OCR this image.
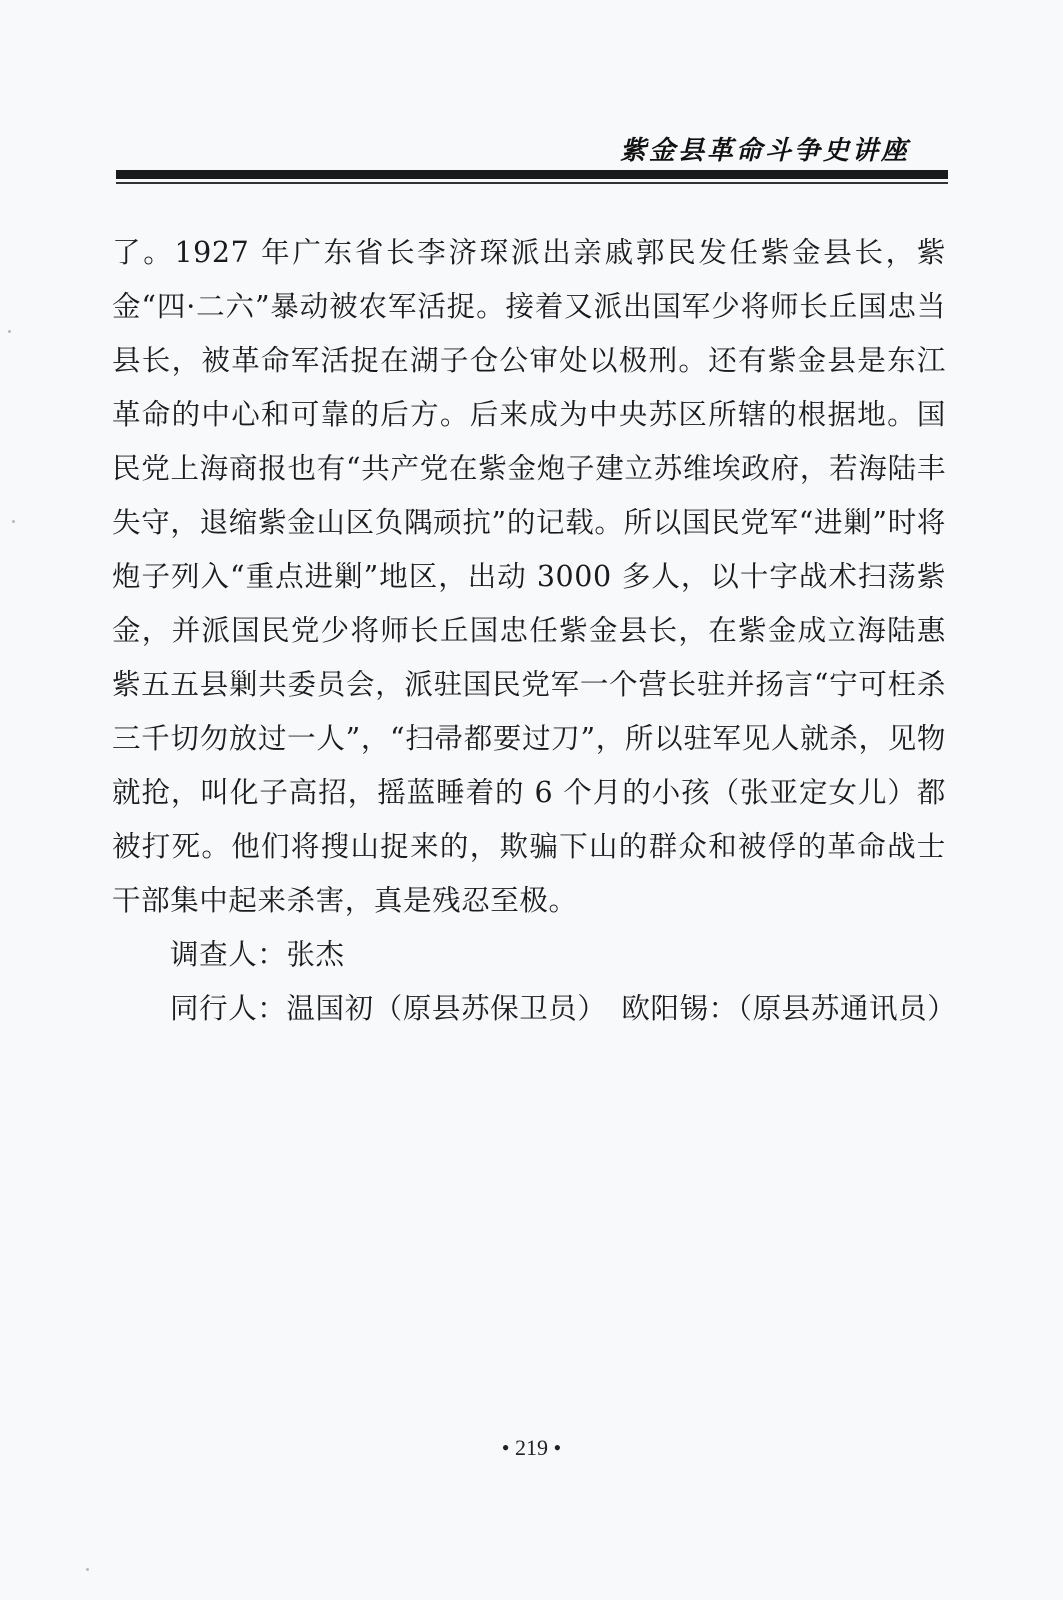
紫金县革命斗争史讲座

了。1927 年广东省长李济琛派出亲戚郭民发任紫金县长，紫金“四·二六”暴动被农军活捉。接着又派出国军少将师长丘国忠当县长，被革命军活捉在湖子仓公审处以极刑。还有紫金县是东江革命的中心和可靠的后方。后来成为中央苏区所辖的根据地。国民党上海商报也有“共产党在紫金炮子建立苏维埃政府，若海陆丰失守，退缩紫金山区负隅顽抗”的记载。所以国民党军“进剿”时将炮子列入“重点进剿”地区，出动 3000 多人，以十字战术扫荡紫金，并派国民党少将师长丘国忠任紫金县长，在紫金成立海陆惠紫五五县剿共委员会，派驻国民党军一个营长驻并扬言“宁可枉杀三千切勿放过一人”，“扫帚都要过刀”，所以驻军见人就杀，见物就抢，叫化子高招，摇蓝睡着的 6 个月的小孩（张亚定女儿）都被打死。他们将搜山捉来的，欺骗下山的群众和被俘的革命战士干部集中起来杀害，真是残忍至极。

调查人：张杰

同行人：温国初（原县苏保卫员）　欧阳锡：（原县苏通讯员）

• 219 •
